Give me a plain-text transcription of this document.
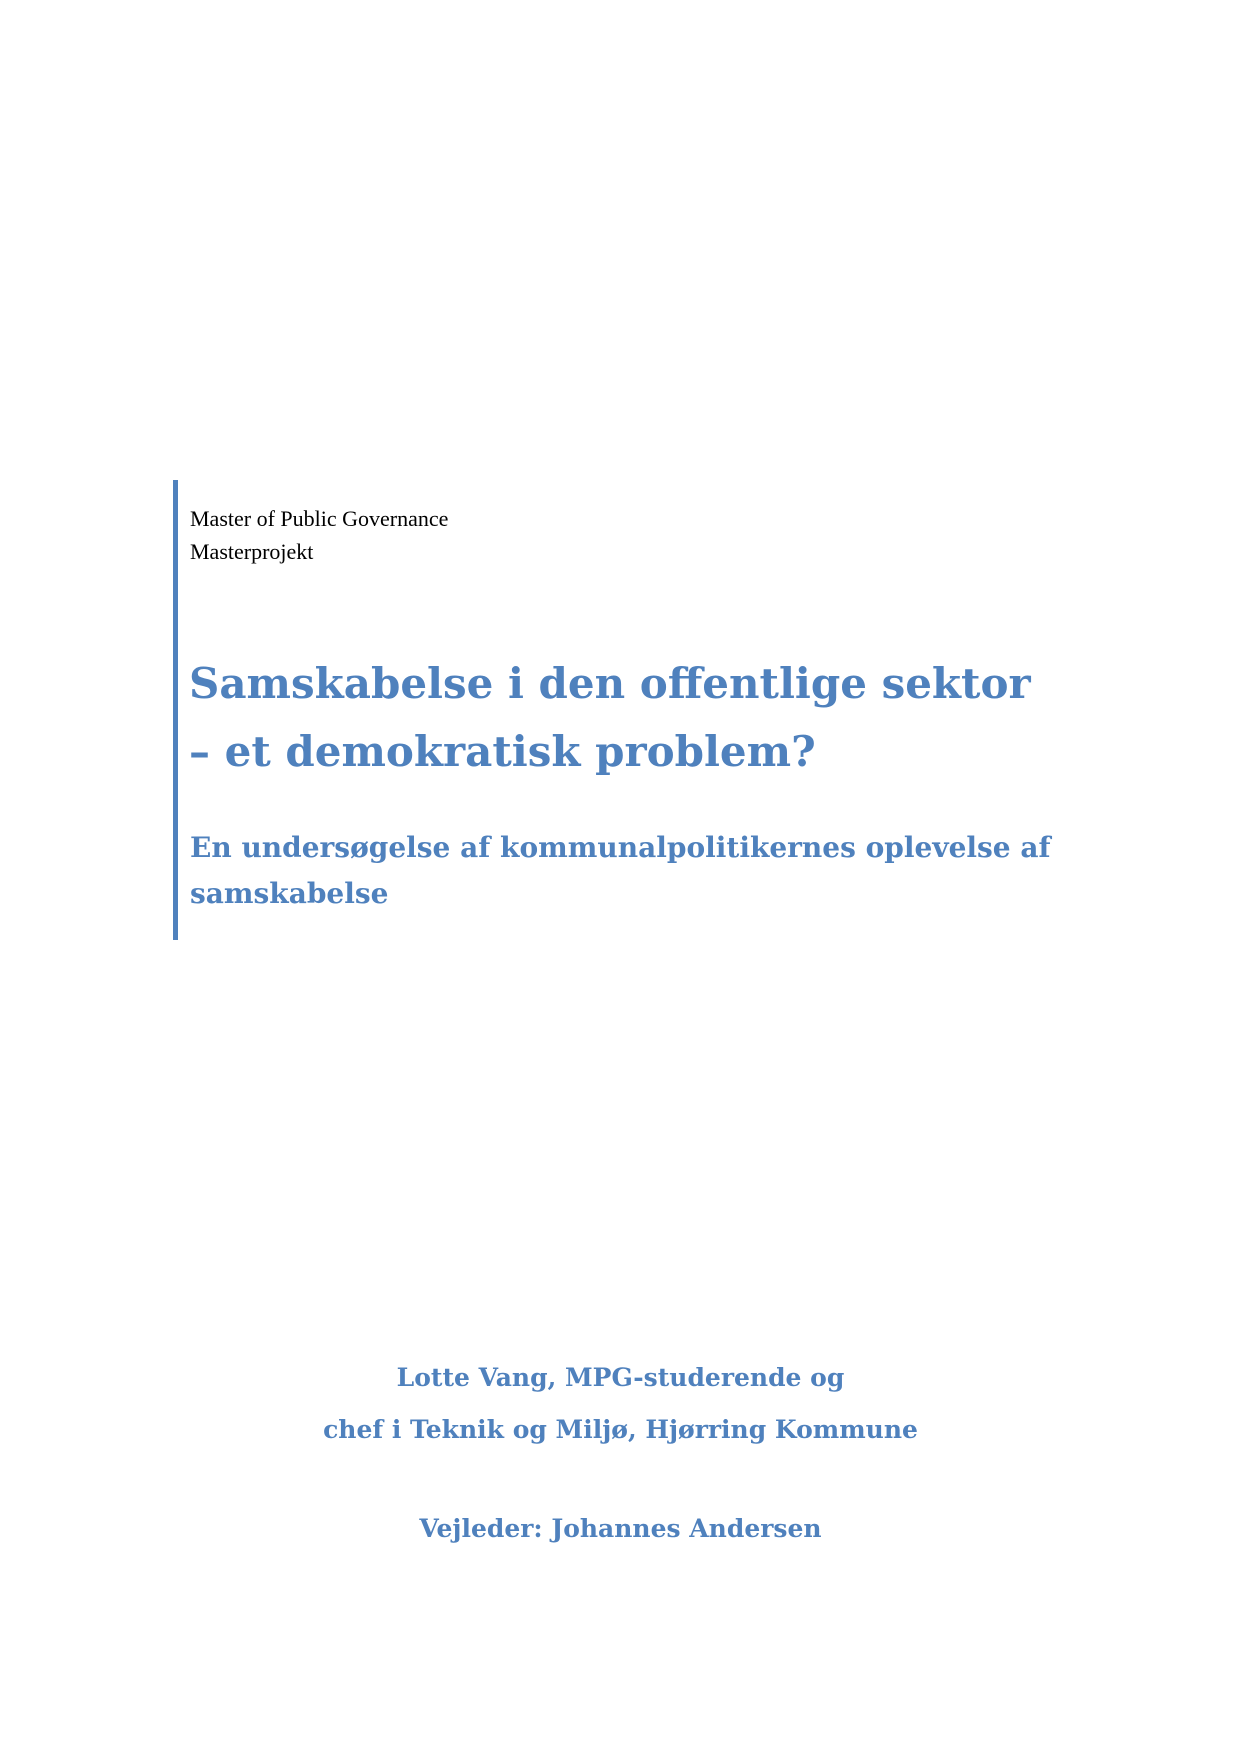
Master of Public Governance
Masterprojekt
Samskabelse i den offentlige sektor
– et demokratisk problem?
En undersøgelse af kommunalpolitikernes oplevelse af
samskabelse
Lotte Vang, MPG-studerende og
chef i Teknik og Miljø, Hjørring Kommune
Vejleder: Johannes Andersen
